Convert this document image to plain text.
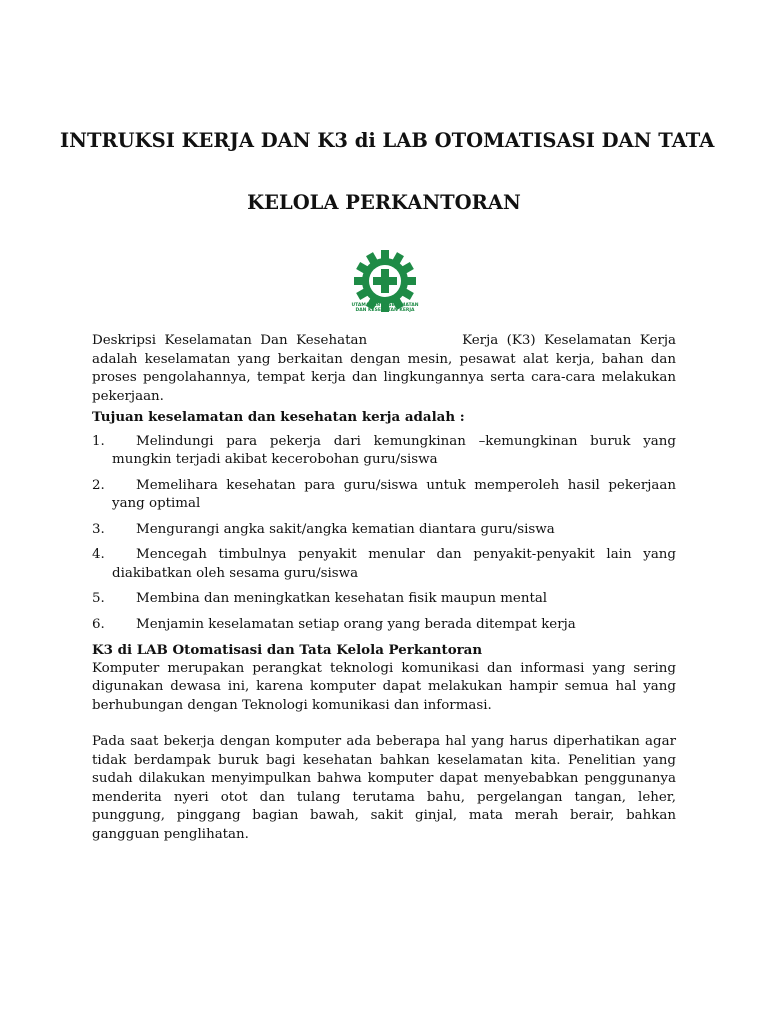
INTRUKSI KERJA DAN K3 di LAB OTOMATISASI DAN TATA
KELOLA PERKANTORAN
UTAMAKAN KESELAMATAN
DAN KESEHATAN KERJA

Deskripsi Keselamatan Dan Kesehatan	Kerja (K3) Keselamatan Kerja adalah keselamatan yang berkaitan dengan mesin, pesawat alat kerja, bahan dan proses pengolahannya, tempat kerja dan lingkungannya serta cara-cara melakukan pekerjaan.

Tujuan keselamatan dan kesehatan kerja adalah :

1.	Melindungi para pekerja dari kemungkinan –kemungkinan buruk yang mungkin terjadi akibat kecerobohan guru/siswa
2.	Memelihara kesehatan para guru/siswa untuk memperoleh hasil pekerjaan yang optimal
3.	Mengurangi angka sakit/angka kematian diantara guru/siswa
4.	Mencegah timbulnya penyakit menular dan penyakit-penyakit lain yang diakibatkan oleh sesama guru/siswa
5.	Membina dan meningkatkan kesehatan fisik maupun mental
6.	Menjamin keselamatan setiap orang yang berada ditempat kerja

K3 di LAB Otomatisasi dan Tata Kelola Perkantoran

Komputer merupakan perangkat teknologi komunikasi dan informasi yang sering digunakan dewasa ini, karena komputer dapat melakukan hampir semua hal yang berhubungan dengan Teknologi komunikasi dan informasi.

Pada saat bekerja dengan komputer ada beberapa hal yang harus diperhatikan agar tidak berdampak buruk bagi kesehatan bahkan keselamatan kita. Penelitian yang sudah dilakukan menyimpulkan bahwa komputer dapat menyebabkan penggunanya menderita nyeri otot dan tulang terutama bahu, pergelangan tangan, leher, punggung, pinggang bagian bawah, sakit ginjal, mata merah berair, bahkan gangguan penglihatan.
